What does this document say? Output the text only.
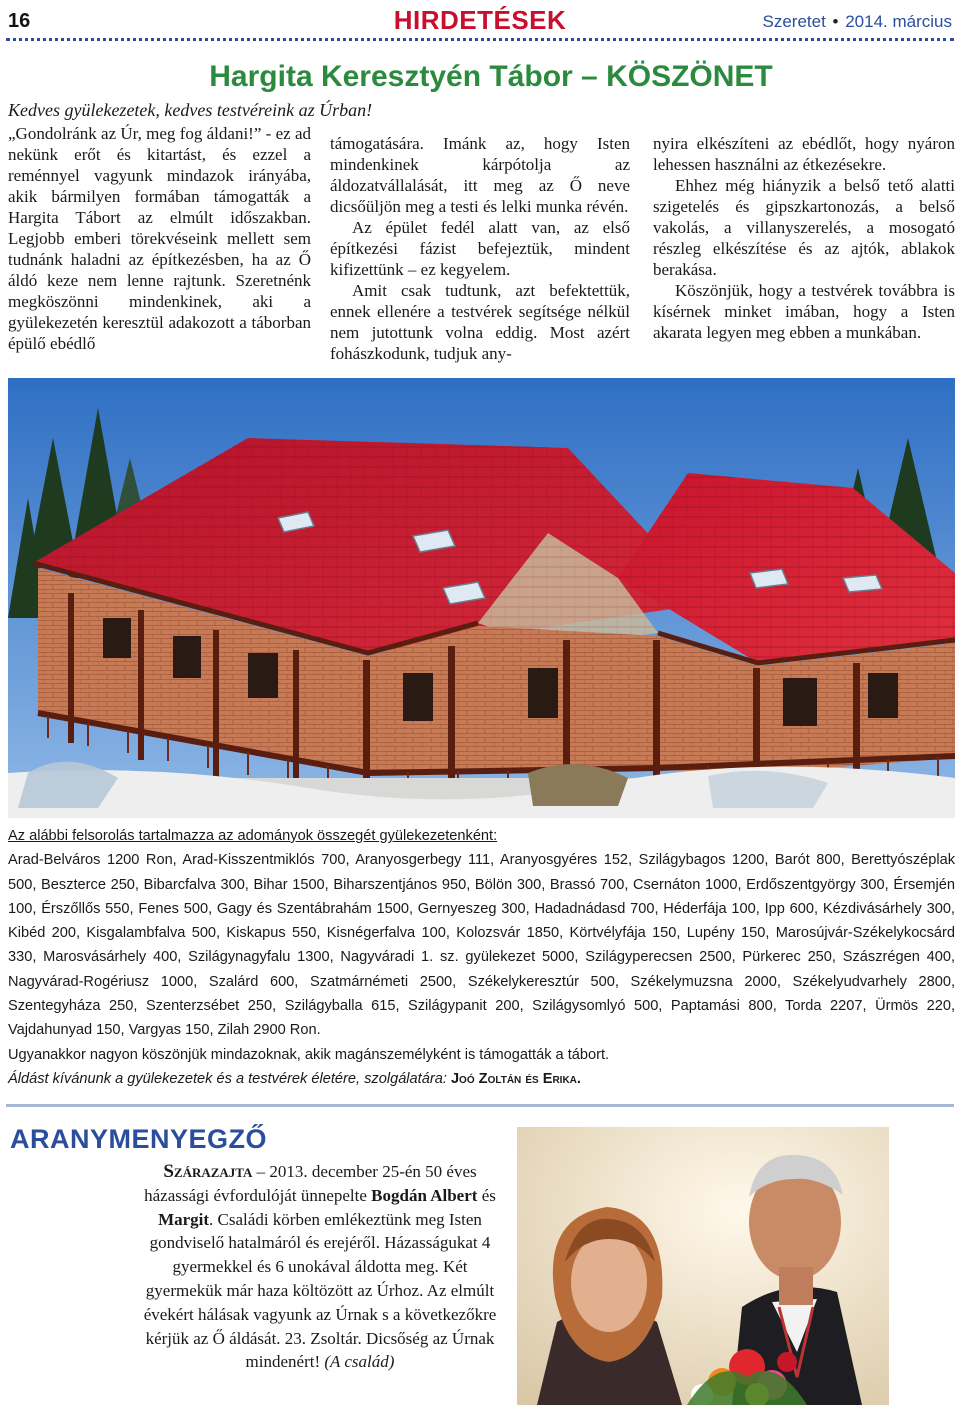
16	HIRDETÉSEK	Szeretet • 2014. március
Hargita Keresztyén Tábor – KÖSZÖNET
Kedves gyülekezetek, kedves testvéreink az Úrban!

„Gondolránk az Úr, meg fog áldani!” - ez ad nekünk erőt és kitartást, és ezzel a reménnyel vagyunk mindazok irányába, akik bármilyen formában támogatták a Hargita Tábort az elmúlt időszakban. Legjobb emberi törekvéseink mellett sem tudnánk haladni az építkezésben, ha az Ő áldó keze nem lenne rajtunk. Szeretnénk megköszönni mindenkinek, aki a gyülekezetén keresztül adakozott a táborban épülő ebédlő

támogatására. Imánk az, hogy Isten mindenkinek kárpótolja az áldozatvállalását, itt meg az Ő neve dicsőüljön meg a testi és lelki munka révén.

Az épület fedél alatt van, az első építkezési fázist befejeztük, mindent kifizettünk – ez kegyelem.

Amit csak tudtunk, azt befektettük, ennek ellenére a testvérek segítsége nélkül nem jutottunk volna eddig. Most azért fohászkodunk, tudjuk any-

nyira elkészíteni az ebédlőt, hogy nyáron lehessen használni az étkezésekre.

Ehhez még hiányzik a belső tető alatti szigetelés és gipszkartonozás, a belső vakolás, a villanyszerelés, a mosogató részleg elkészítése és az ajtók, ablakok berakása.

Köszönjük, hogy a testvérek továbbra is kísérnek minket imában, hogy a Isten akarata legyen meg ebben a munkában.

Az alábbi felsorolás tartalmazza az adományok összegét gyülekezetenként:
Arad-Belváros 1200 Ron, Arad-Kisszentmiklós 700, Aranyosgerbegy 111, Aranyosgyéres 152, Szilágybagos 1200, Barót 800, Berettyószéplak 500, Beszterce 250, Bibarcfalva 300, Bihar 1500, Biharszentjános 950, Bölön 300, Brassó 700, Csernáton 1000, Erdőszentgyörgy 300, Érsemjén 100, Érszőllős 550, Fenes 500, Gagy és Szentábrahám 1500, Gernyeszeg 300, Hadadnádasd 700, Héderfája 100, Ipp 600, Kézdivásárhely 300, Kibéd 200, Kisgalambfalva 500, Kiskapus 550, Kisnégerfalva 100, Kolozsvár 1850, Körtvélyfája 150, Lupény 150, Marosújvár-Székelykocsárd 330, Marosvásárhely 400, Szilágynagyfalu 1300, Nagyváradi 1. sz. gyülekezet 5000, Szilágyperecsen 2500, Pürkerec 250, Szászrégen 400, Nagyvárad-Rogériusz 1000, Szalárd 600, Szatmárnémeti 2500, Székelykeresztúr 500, Székelymuzsna 2000, Székelyudvarhely 2800, Szentegyháza 250, Szenterzsébet 250, Szilágyballa 615, Szilágypanit 200, Szilágysomlyó 500, Paptamási 800, Torda 2207, Ürmös 220, Vajdahunyad 150, Vargyas 150, Zilah 2900 Ron.
Ugyanakkor nagyon köszönjük mindazoknak, akik magánszemélyként is támogatták a tábort.
Áldást kívánunk a gyülekezetek és a testvérek életére, szolgálatára: Joó Zoltán és Erika.
ARANYMENYEGZŐ
Szárazajta – 2013. december 25-én 50 éves házassági évfordulóját ünnepelte Bogdán Albert és Margit. Családi körben emlékeztünk meg Isten gondviselő hatalmáról és erejéről. Házasságukat 4 gyermekkel és 6 unokával áldotta meg. Két gyermekük már haza költözött az Úrhoz. Az elmúlt évekért hálásak vagyunk az Úrnak s a következőkre kérjük az Ő áldását. 23. Zsoltár. Dicsőség az Úrnak mindenért! (A család)
